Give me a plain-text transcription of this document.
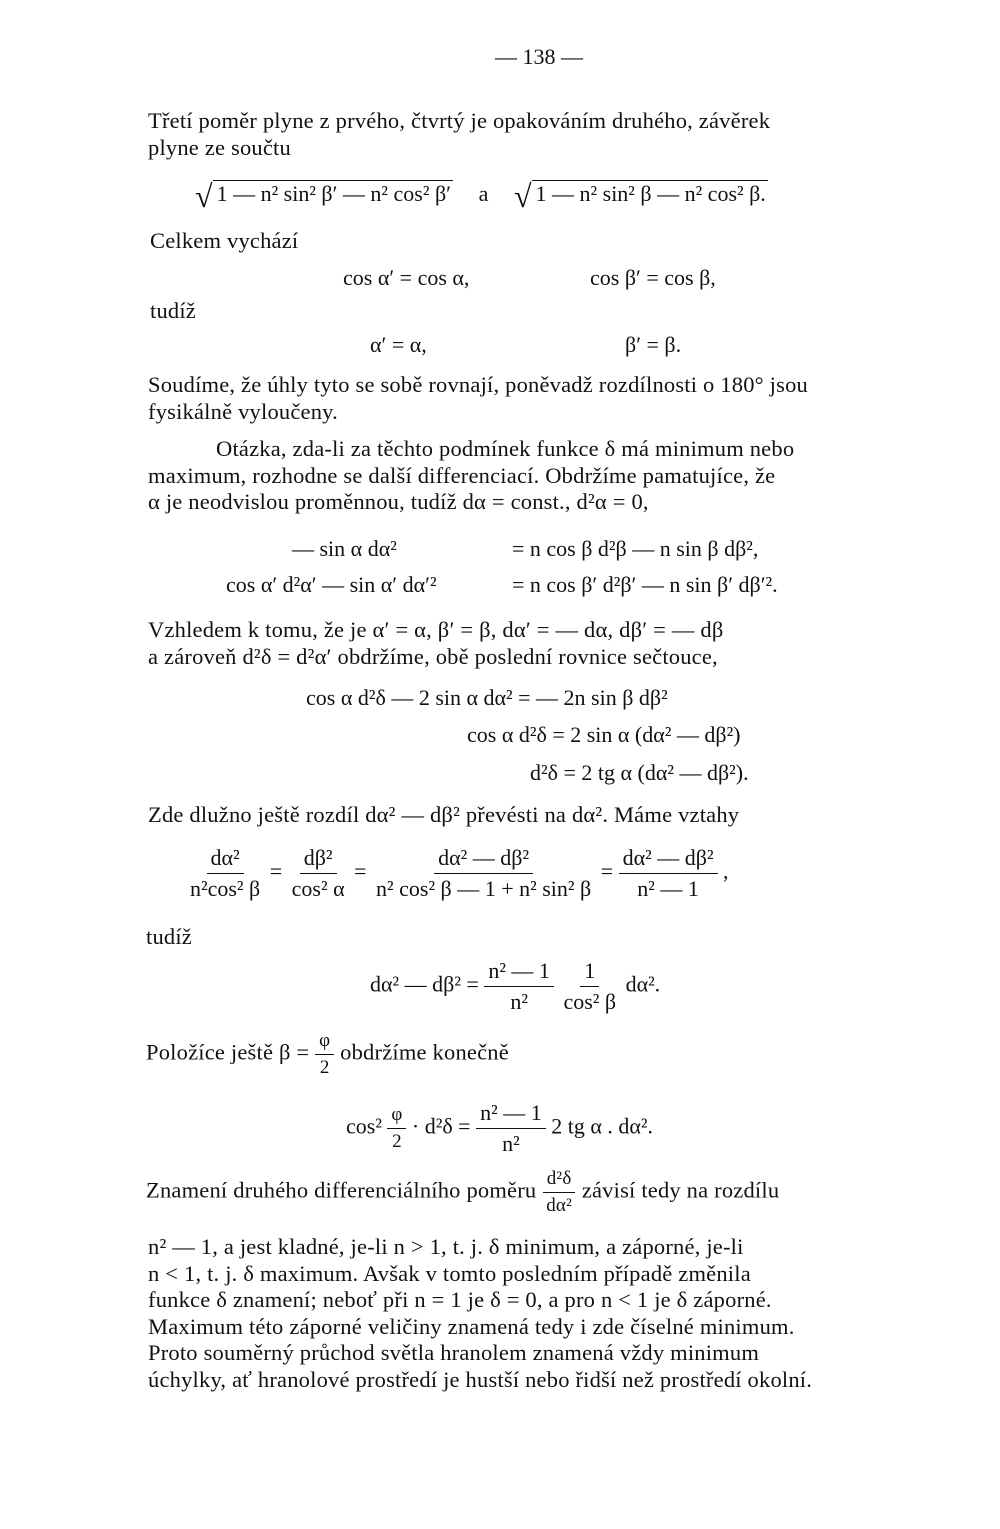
— 138 —
Třetí poměr plyne z prvého, čtvrtý je opakováním druhého, závěrek
plyne ze součtu
√ 1 — n² sin² β′ — n² cos² β′ a √ 1 — n² sin² β — n² cos² β.
Celkem vychází
cos α′ = cos α,	cos β′ = cos β,
tudíž
α′ = α,	β′ = β.
Soudíme, že úhly tyto se sobě rovnají, poněvadž rozdílnosti o 180° jsou
fysikálně vyloučeny.
Otázka, zda-li za těchto podmínek funkce δ má minimum nebo
maximum, rozhodne se další differenciací. Obdržíme pamatujíce, že
α je neodvislou proměnnou, tudíž dα = const., d²α = 0,
— sin α dα²	= n cos β d²β — n sin β dβ²,
cos α′ d²α′ — sin α′ dα′²	= n cos β′ d²β′ — n sin β′ dβ′².
Vzhledem k tomu, že je α′ = α, β′ = β, dα′ = — dα, dβ′ = — dβ
a zároveň d²δ = d²α′ obdržíme, obě poslední rovnice sečtouce,
cos α d²δ — 2 sin α dα² = — 2n sin β dβ²
cos α d²δ = 2 sin α (dα² — dβ²)
d²δ = 2 tg α (dα² — dβ²).
Zde dlužno ještě rozdíl dα² — dβ² převésti na dα². Máme vztahy
$\frac{\text{dα²}}{\text{n²cos² β}} = \frac{\text{dβ²}}{\text{cos² α}} = \frac{\text{dα² — dβ²}}{\text{n² cos² β — 1 + n² sin² β}} = \frac{\text{dα² — dβ²}}{\text{n² — 1}}$ ,
tudíž
dα² — $d\beta^2 = \frac{\text{n² — 1}}{\text{n²}}$
$\frac{1}{\text{cos² β}} d\alpha^2$.
Položíce ještě $\beta = \frac{\varphi}{2}$ obdržíme konečně
$\cos^2 \frac{\varphi}{2} \cdot d^2\delta = \frac{\text{n² — 1}}{\text{n²}} 2$ tg α . dα².
Znamení druhého differenciálního poměru $\frac{\text{d²δ}}{\text{dα²}}$ závisí tedy na rozdílu
n² — 1, a jest kladné, je-li n > 1, t. j. δ minimum, a záporné, je-li
n < 1, t. j. δ maximum. Avšak v tomto posledním případě změnila
funkce δ znamení; neboť při n = 1 je δ = 0, a pro n < 1 je δ záporné.
Maximum této záporné veličiny znamená tedy i zde číselné minimum.
Proto souměrný průchod světla hranolem znamená vždy minimum
úchylky, ať hranolové prostředí je hustší nebo řidší než prostředí okolní.
